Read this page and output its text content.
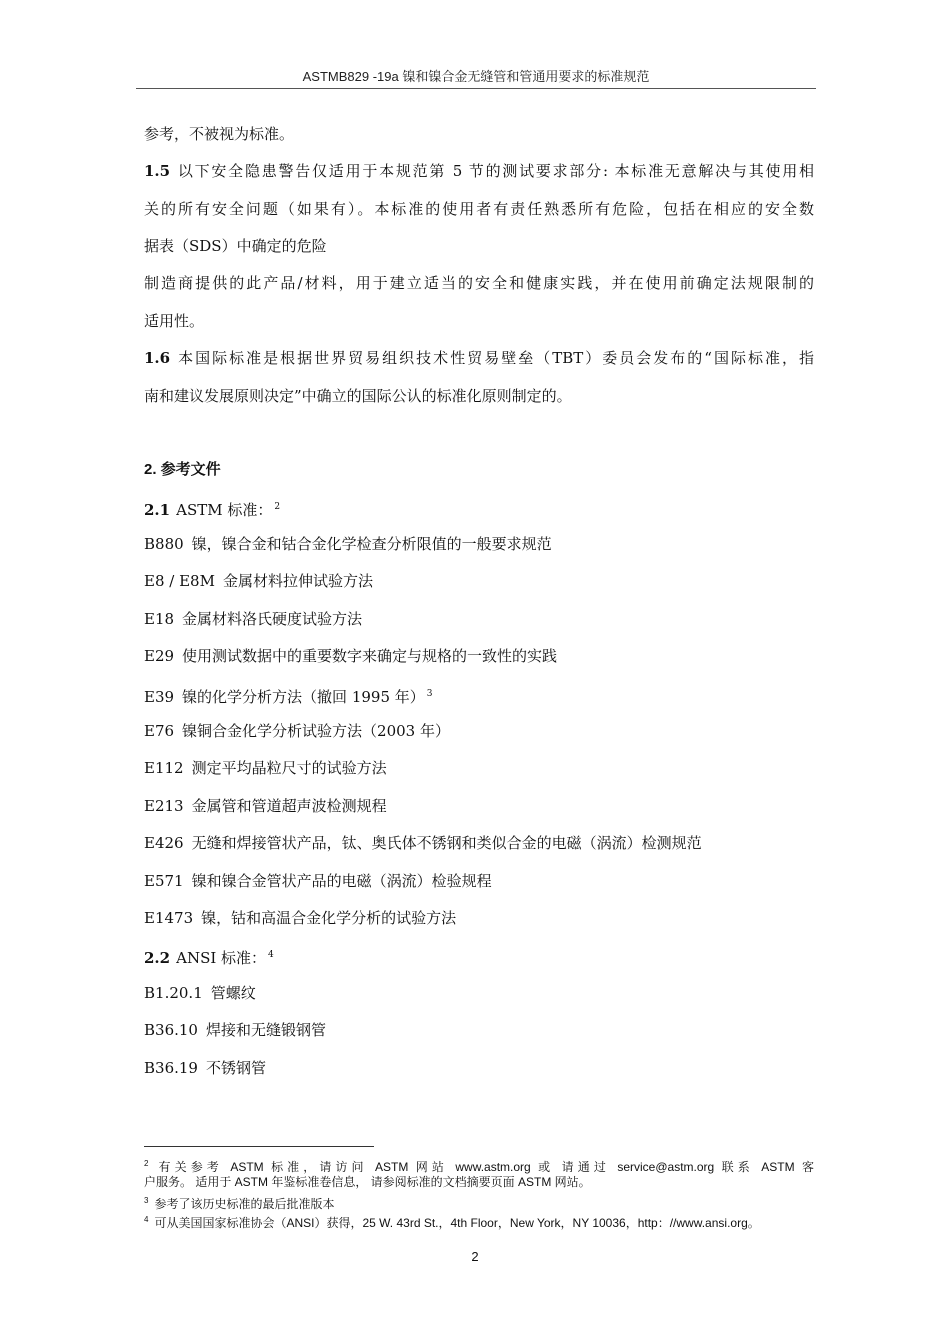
ASTMB829 -19a 镍和镍合金无缝管和管通用要求的标准规范
参考，不被视为标准。
1.5 以下安全隐患警告仅适用于本规范第 5 节的测试要求部分: 本标准无意解决与其使用相
关的所有安全问题（如果有）。本标准的使用者有责任熟悉所有危险，包括在相应的安全数
据表（SDS）中确定的危险
制造商提供的此产品/材料，用于建立适当的安全和健康实践，并在使用前确定法规限制的
适用性。
1.6 本国际标准是根据世界贸易组织技术性贸易壁垒（TBT）委员会发布的“国际标准，指
南和建议发展原则决定”中确立的国际公认的标准化原则制定的。
2. 参考文件
2.1 ASTM 标准： $^2$
B880 镍，镍合金和钴合金化学检查分析限值的一般要求规范
E8 / E8M 金属材料拉伸试验方法
E18 金属材料洛氏硬度试验方法
E29 使用测试数据中的重要数字来确定与规格的一致性的实践
E39 镍的化学分析方法（撤回 1995 年） $^3$
E76 镍铜合金化学分析试验方法（2003 年）
E112 测定平均晶粒尺寸的试验方法
E213 金属管和管道超声波检测规程
E426 无缝和焊接管状产品，钛、奥氏体不锈钢和类似合金的电磁（涡流）检测规范
E571 镍和镍合金管状产品的电磁（涡流）检验规程
E1473 镍，钴和高温合金化学分析的试验方法
2.2 ANSI 标准： $^4$
B1.20.1 管螺纹
B36.10 焊接和无缝锻钢管
B36.19 不锈钢管
$^2$ 有关参考 ASTM 标准，请访问 ASTM 网站 www.astm.org 或 请通过 service@astm.org 联系 ASTM 客
户服务。 适用于 ASTM 年鉴标准卷信息， 请参阅标准的文档摘要页面 ASTM 网站。
$^3$ 参考了该历史标准的最后批准版本
$^4$ 可从美国国家标准协会（ANSI）获得，25 W. 43rd St.，4th Floor，New York，NY 10036，http：//www.ansi.org。
2
